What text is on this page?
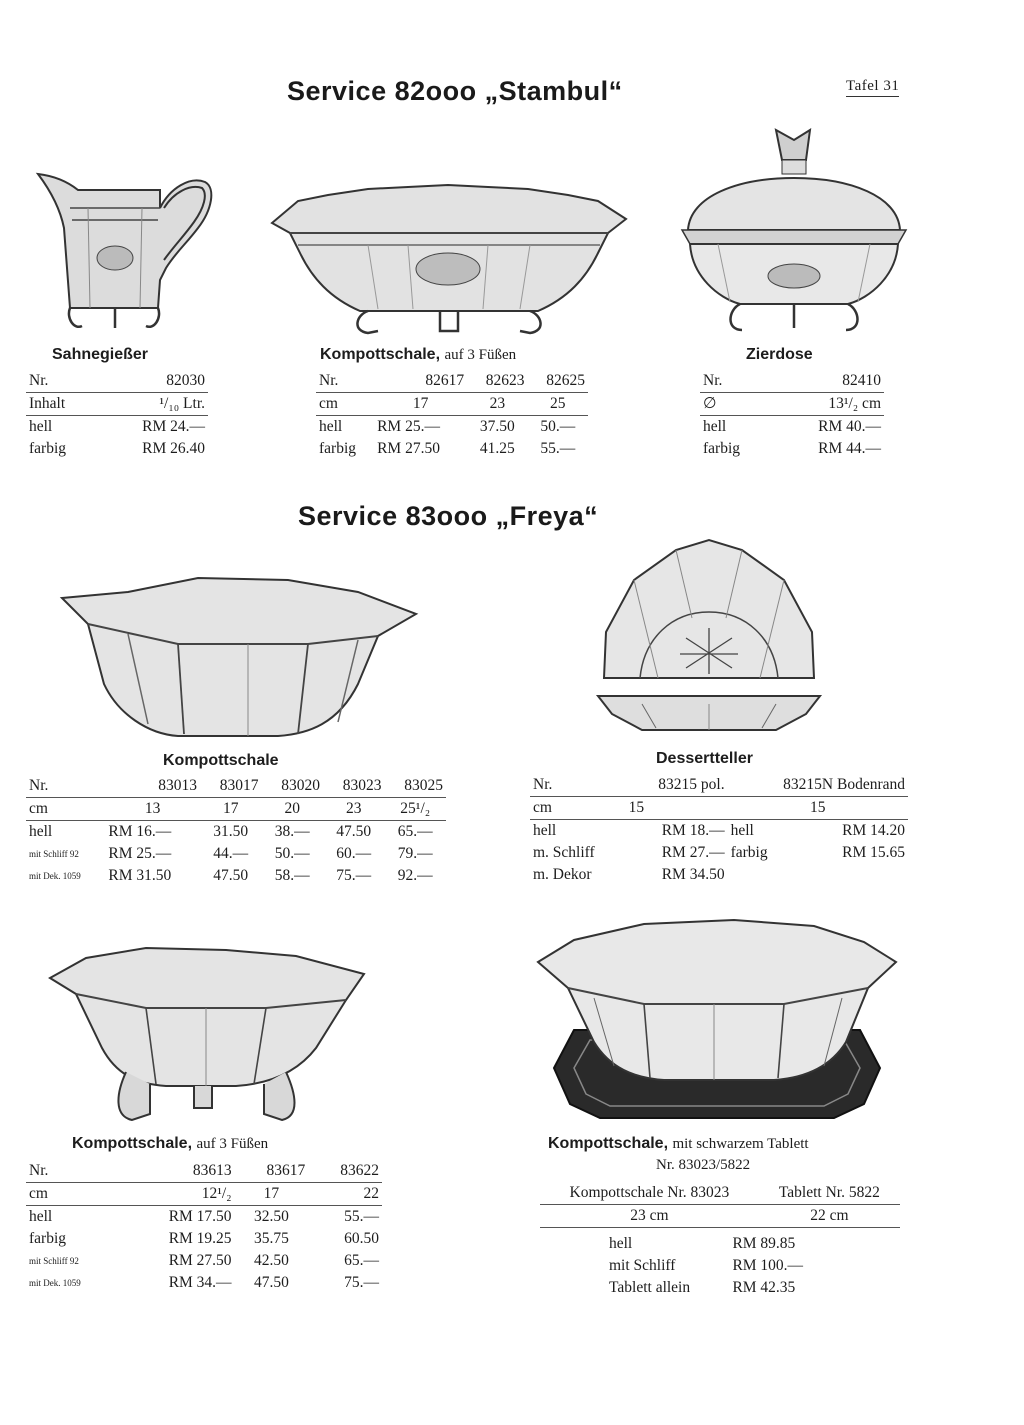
Service 82ooo „Stambul“	Tafel 31
Service 83ooo „Freya“
Sahnegießer
Nr.	82030
Inhalt	¹/₁₀ Ltr.
hell	RM 24.—
farbig	RM 26.40
Kompottschale, auf 3 Füßen
Nr.	82617	82623	82625
cm	17	23	25
hell	RM 25.—	37.50	50.—
farbig	RM 27.50	41.25	55.—
Zierdose
Nr.	82410
∅	13¹/₂ cm
hell	RM 40.—
farbig	RM 44.—
Kompottschale
Nr.	83013	83017	83020	83023	83025
cm	13	17	20	23	25¹/₂
hell	RM 16.—	31.50	38.—	47.50	65.—
mit Schliff 92	RM 25.—	44.—	50.—	60.—	79.—
mit Dek. 1059	RM 31.50	47.50	58.—	75.—	92.—
Dessertteller
Nr.	83215 pol.	83215N Bodenrand	
cm	15	15	
hell	RM 18.—	hell	RM 14.20
m. Schliff	RM 27.—	farbig	RM 15.65
m. Dekor	RM 34.50		
Kompottschale, auf 3 Füßen
Nr.	83613	83617	83622
cm	12¹/₂	17	22
hell	RM 17.50	32.50	55.—
farbig	RM 19.25	35.75	60.50
mit Schliff 92	RM 27.50	42.50	65.—
mit Dek. 1059	RM 34.—	47.50	75.—
Kompottschale, mit schwarzem Tablett
Nr. 83023/5822
Kompottschale Nr. 83023	Tablett Nr. 5822
23 cm	22 cm
hell	RM 89.85
mit Schliff	RM 100.—
Tablett allein	RM 42.35
